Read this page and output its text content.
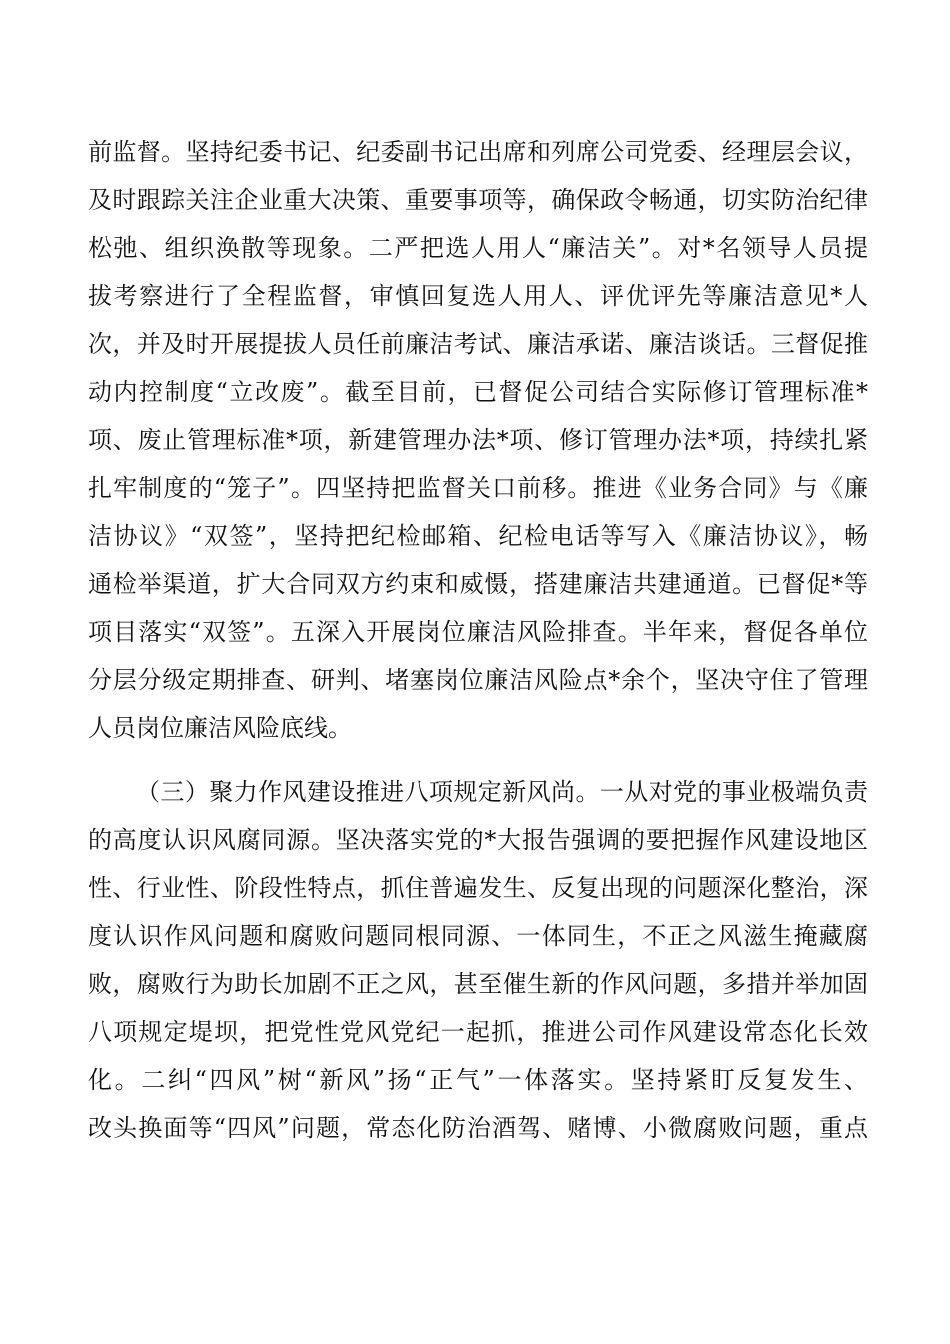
前监督。坚持纪委书记、纪委副书记出席和列席公司党委、经理层会议，
及时跟踪关注企业重大决策、重要事项等，确保政令畅通，切实防治纪律
松弛、组织涣散等现象。二严把选人用人“廉洁关”。对*名领导人员提
拔考察进行了全程监督，审慎回复选人用人、评优评先等廉洁意见*人
次，并及时开展提拔人员任前廉洁考试、廉洁承诺、廉洁谈话。三督促推
动内控制度“立改废”。截至目前，已督促公司结合实际修订管理标准*
项、废止管理标准*项，新建管理办法*项、修订管理办法*项，持续扎紧
扎牢制度的“笼子”。四坚持把监督关口前移。推进《业务合同》与《廉
洁协议》“双签”，坚持把纪检邮箱、纪检电话等写入《廉洁协议》，畅
通检举渠道，扩大合同双方约束和威慑，搭建廉洁共建通道。已督促*等
项目落实“双签”。五深入开展岗位廉洁风险排查。半年来，督促各单位
分层分级定期排查、研判、堵塞岗位廉洁风险点*余个，坚决守住了管理
人员岗位廉洁风险底线。
（三）聚力作风建设推进八项规定新风尚。一从对党的事业极端负责
的高度认识风腐同源。坚决落实党的*大报告强调的要把握作风建设地区
性、行业性、阶段性特点，抓住普遍发生、反复出现的问题深化整治，深
度认识作风问题和腐败问题同根同源、一体同生，不正之风滋生掩藏腐
败，腐败行为助长加剧不正之风，甚至催生新的作风问题，多措并举加固
八项规定堤坝，把党性党风党纪一起抓，推进公司作风建设常态化长效
化。二纠“四风”树“新风”扬“正气”一体落实。坚持紧盯反复发生、
改头换面等“四风”问题，常态化防治酒驾、赌博、小微腐败问题，重点
